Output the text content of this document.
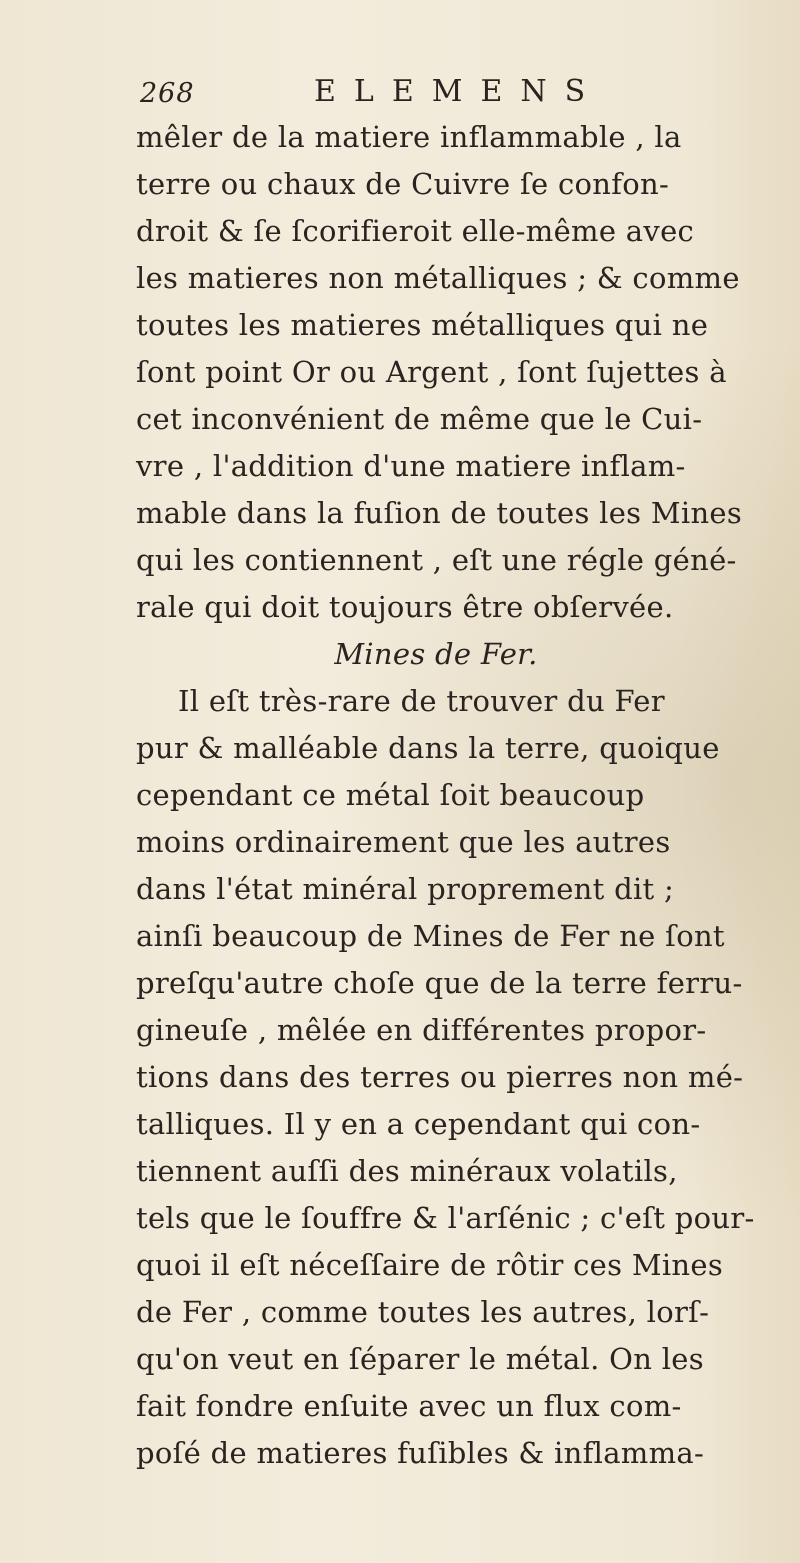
268	ELEMENS
mêler de la matiere inflammable , la
terre ou chaux de Cuivre ſe confon-
droit & ſe ſcorifieroit elle-même avec
les matieres non métalliques ; & comme
toutes les matieres métalliques qui ne
ſont point Or ou Argent , ſont ſujettes à
cet inconvénient de même que le Cui-
vre , l'addition d'une matiere inflam-
mable dans la fuſion de toutes les Mines
qui les contiennent , eſt une régle géné-
rale qui doit toujours être obſervée.
Mines de Fer.
Il eſt très-rare de trouver du Fer
pur & malléable dans la terre, quoique
cependant ce métal ſoit beaucoup
moins ordinairement que les autres
dans l'état minéral proprement dit ;
ainſi beaucoup de Mines de Fer ne ſont
preſqu'autre choſe que de la terre ferru-
gineuſe , mêlée en différentes propor-
tions dans des terres ou pierres non mé-
talliques. Il y en a cependant qui con-
tiennent auſſi des minéraux volatils,
tels que le ſouffre & l'arſénic ; c'eſt pour-
quoi il eſt néceſſaire de rôtir ces Mines
de Fer , comme toutes les autres, lorſ-
qu'on veut en ſéparer le métal. On les
fait fondre enſuite avec un flux com-
poſé de matieres fuſibles & inflamma-
